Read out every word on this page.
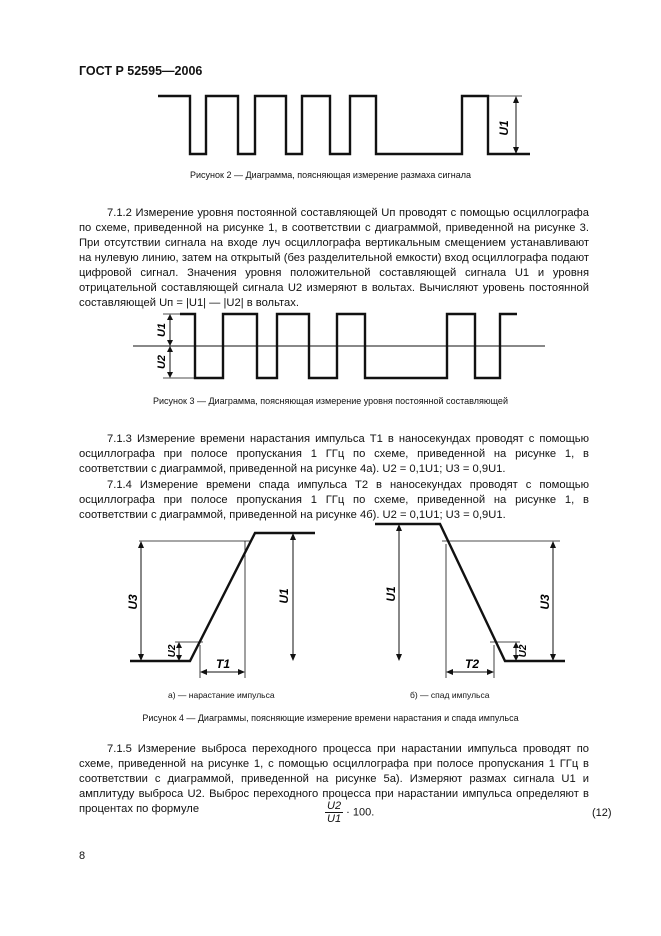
ГОСТ Р 52595—2006
U1
Рисунок 2 — Диаграмма, поясняющая измерение размаха сигнала

7.1.2 Измерение уровня постоянной составляющей Uп проводят с помощью осциллографа по схеме, приведенной на рисунке 1, в соответствии с диаграммой, приведенной на рисунке 3. При отсутствии сигнала на входе луч осциллографа вертикальным смещением устанавливают на нулевую линию, затем на открытый (без разделительной емкости) вход осциллографа подают цифровой сигнал. Значения уровня положительной составляющей сигнала U1 и уровня отрицательной составляющей сигнала U2 измеряют в вольтах. Вычисляют уровень постоянной составляющей Uп = |U1| — |U2| в вольтах.

U1
U2
Рисунок 3 — Диаграмма, поясняющая измерение уровня постоянной составляющей

7.1.3 Измерение времени нарастания импульса T1 в наносекундах проводят с помощью осциллографа при полосе пропускания 1 ГГц по схеме, приведенной на рисунке 1, в соответствии с диаграммой, приведенной на рисунке 4а). U2 = 0,1U1; U3 = 0,9U1.

7.1.4 Измерение времени спада импульса T2 в наносекундах проводят с помощью осциллографа при полосе пропускания 1 ГГц по схеме, приведенной на рисунке 1, в соответствии с диаграммой, приведенной на рисунке 4б). U2 = 0,1U1; U3 = 0,9U1.

U3
U2
U1
T1
U1
U2
U3
T2
а) — нарастание импульса	б) — спад импульса
Рисунок 4 — Диаграммы, поясняющие измерение времени нарастания и спада импульса

7.1.5 Измерение выброса переходного процесса при нарастании импульса проводят по схеме, приведенной на рисунке 1, с помощью осциллографа при полосе пропускания 1 ГГц в соответствии с диаграммой, приведенной на рисунке 5а). Измеряют размах сигнала U1 и амплитуду выброса U2. Выброс переходного процесса при нарастании импульса определяют в процентах по формуле	$\frac{U2}{U1} \cdot 100$.	(12)
8
